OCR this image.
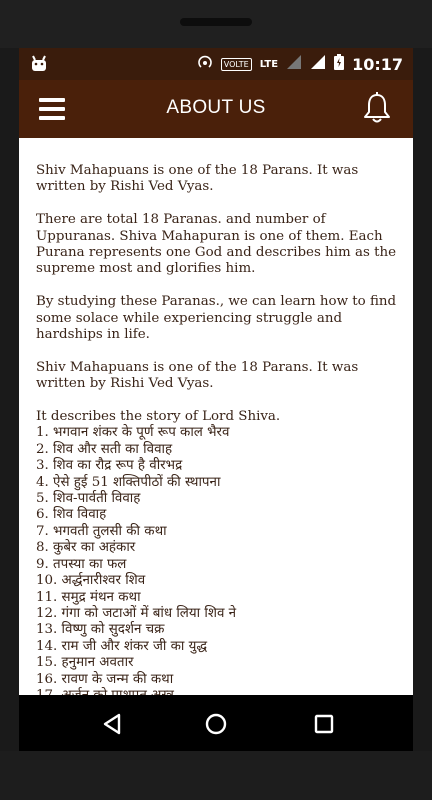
VOLTE	LTE	10:17
ABOUT US

Shiv Mahapuans is one of the 18 Parans. It was written by Rishi Ved Vyas.

There are total 18 Paranas. and number of Uppuranas. Shiva Mahapuran is one of them. Each Purana represents one God and describes him as the supreme most and glorifies him.

By studying these Paranas., we can learn how to find some solace while experiencing struggle and hardships in life.

Shiv Mahapuans is one of the 18 Parans. It was written by Rishi Ved Vyas.

It describes the story of Lord Shiva.
1. भगवान शंकर के पूर्ण रूप काल भैरव
2. शिव और सती का विवाह
3. शिव का रौद्र रूप है वीरभद्र
4. ऐसे हुई 51 शक्तिपीठों की स्थापना
5. शिव-पार्वती विवाह
6. शिव विवाह
7. भगवती तुलसी की कथा
8. कुबेर का अहंकार
9. तपस्या का फल
10. अर्द्धनारीश्वर शिव
11. समुद्र मंथन कथा
12. गंगा को जटाओं में बांध लिया शिव ने
13. विष्णु को सुदर्शन चक्र
14. राम जी और शंकर जी का युद्ध
15. हनुमान अवतार
16. रावण के जन्म की कथा
